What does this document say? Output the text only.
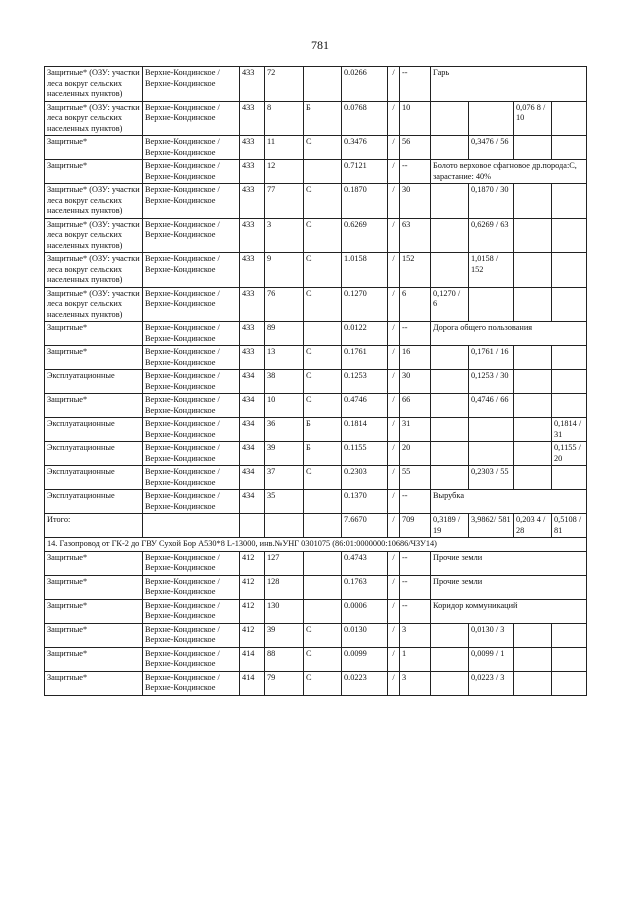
781
Защитные* (ОЗУ: участки леса вокруг сельских населенных пунктов)	Верхне-Кондинское / Верхне-Кондинское	433	72		0.0266	/	--	Гарь			
Защитные* (ОЗУ: участки леса вокруг сельских населенных пунктов)	Верхне-Кондинское / Верхне-Кондинское	433	8	Б	0.0768	/	10			0,076 8 / 10	
Защитные*	Верхне-Кондинское / Верхне-Кондинское	433	11	С	0.3476	/	56		0,3476 / 56		
Защитные*	Верхне-Кондинское / Верхне-Кондинское	433	12		0.7121	/	--	Болото верховое сфагновое др.порода:С, зарастание: 40%			
Защитные* (ОЗУ: участки леса вокруг сельских населенных пунктов)	Верхне-Кондинское / Верхне-Кондинское	433	77	С	0.1870	/	30		0,1870 / 30		
Защитные* (ОЗУ: участки леса вокруг сельских населенных пунктов)	Верхне-Кондинское / Верхне-Кондинское	433	3	С	0.6269	/	63		0,6269 / 63		
Защитные* (ОЗУ: участки леса вокруг сельских населенных пунктов)	Верхне-Кондинское / Верхне-Кондинское	433	9	С	1.0158	/	152		1,0158 / 152		
Защитные* (ОЗУ: участки леса вокруг сельских населенных пунктов)	Верхне-Кондинское / Верхне-Кондинское	433	76	С	0.1270	/	6	0,1270 / 6			
Защитные*	Верхне-Кондинское / Верхне-Кондинское	433	89		0.0122	/	--	Дорога общего пользования			
Защитные*	Верхне-Кондинское / Верхне-Кондинское	433	13	С	0.1761	/	16		0,1761 / 16		
Эксплуатационные	Верхне-Кондинское / Верхне-Кондинское	434	38	С	0.1253	/	30		0,1253 / 30		
Защитные*	Верхне-Кондинское / Верхне-Кондинское	434	10	С	0.4746	/	66		0,4746 / 66		
Эксплуатационные	Верхне-Кондинское / Верхне-Кондинское	434	36	Б	0.1814	/	31				0,1814 / 31
Эксплуатационные	Верхне-Кондинское / Верхне-Кондинское	434	39	Б	0.1155	/	20				0,1155 / 20
Эксплуатационные	Верхне-Кондинское / Верхне-Кондинское	434	37	С	0.2303	/	55		0,2303 / 55		
Эксплуатационные	Верхне-Кондинское / Верхне-Кондинское	434	35		0.1370	/	--	Вырубка			
Итого:					7.6670	/	709	0,3189 / 19	3,9862/ 581	0,203 4 / 28	0,5108 / 81
14. Газопровод от ГК-2 до ГВУ Сухой Бор А530*8 L-13000, инв.№УНГ 0301075 (86:01:0000000:10686/ЧЗУ14)											
Защитные*	Верхне-Кондинское / Верхне-Кондинское	412	127		0.4743	/	--	Прочие земли			
Защитные*	Верхне-Кондинское / Верхне-Кондинское	412	128		0.1763	/	--	Прочие земли			
Защитные*	Верхне-Кондинское / Верхне-Кондинское	412	130		0.0006	/	--	Коридор коммуникаций			
Защитные*	Верхне-Кондинское / Верхне-Кондинское	412	39	С	0.0130	/	3		0,0130 / 3		
Защитные*	Верхне-Кондинское / Верхне-Кондинское	414	88	С	0.0099	/	1		0,0099 / 1		
Защитные*	Верхне-Кондинское / Верхне-Кондинское	414	79	С	0.0223	/	3		0,0223 / 3		
